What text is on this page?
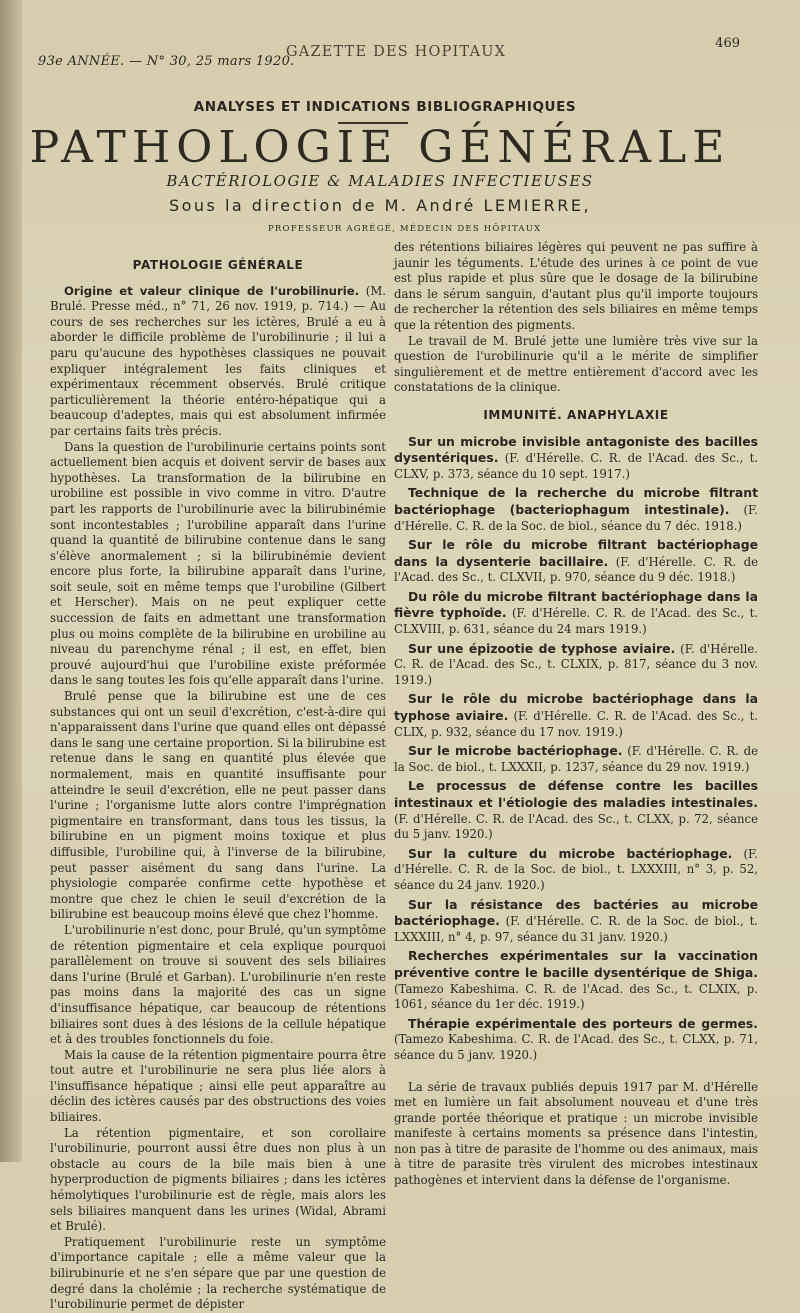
93e ANNÉE. — N° 30, 25 mars 1920.
GAZETTE DES HOPITAUX
469
ANALYSES ET INDICATIONS BIBLIOGRAPHIQUES
PATHOLOGIE GÉNÉRALE
BACTÉRIOLOGIE & MALADIES INFECTIEUSES
Sous la direction de M. André LEMIERRE,
PROFESSEUR AGRÉGÉ, MÉDECIN DES HÔPITAUX
PATHOLOGIE GÉNÉRALE

Origine et valeur clinique de l'urobilinurie. (M. Brulé. Presse méd., n° 71, 26 nov. 1919, p. 714.) — Au cours de ses recherches sur les ictères, Brulé a eu à aborder le difficile problème de l'urobilinurie ; il lui a paru qu'aucune des hypothèses classiques ne pouvait expliquer intégralement les faits cliniques et expérimentaux récemment observés. Brulé critique particulièrement la théorie entéro-hépatique qui a beaucoup d'adeptes, mais qui est absolument infirmée par certains faits très précis.

Dans la question de l'urobilinurie certains points sont actuellement bien acquis et doivent servir de bases aux hypothèses. La transformation de la bilirubine en urobiline est possible in vivo comme in vitro. D'autre part les rapports de l'urobilinurie avec la bilirubinémie sont incontestables ; l'urobiline apparaît dans l'urine quand la quantité de bilirubine contenue dans le sang s'élève anormalement ; si la bilirubinémie devient encore plus forte, la bilirubine apparaît dans l'urine, soit seule, soit en même temps que l'urobiline (Gilbert et Herscher). Mais on ne peut expliquer cette succession de faits en admettant une transformation plus ou moins complète de la bilirubine en urobiline au niveau du parenchyme rénal ; il est, en effet, bien prouvé aujourd'hui que l'urobiline existe préformée dans le sang toutes les fois qu'elle apparaît dans l'urine.

Brulé pense que la bilirubine est une de ces substances qui ont un seuil d'excrétion, c'est-à-dire qui n'apparaissent dans l'urine que quand elles ont dépassé dans le sang une certaine proportion. Si la bilirubine est retenue dans le sang en quantité plus élevée que normalement, mais en quantité insuffisante pour atteindre le seuil d'excrétion, elle ne peut passer dans l'urine ; l'organisme lutte alors contre l'imprégnation pigmentaire en transformant, dans tous les tissus, la bilirubine en un pigment moins toxique et plus diffusible, l'urobiline qui, à l'inverse de la bilirubine, peut passer aisément du sang dans l'urine. La physiologie comparée confirme cette hypothèse et montre que chez le chien le seuil d'excrétion de la bilirubine est beaucoup moins élevé que chez l'homme.

L'urobilinurie n'est donc, pour Brulé, qu'un symptôme de rétention pigmentaire et cela explique pourquoi parallèlement on trouve si souvent des sels biliaires dans l'urine (Brulé et Garban). L'urobilinurie n'en reste pas moins dans la majorité des cas un signe d'insuffisance hépatique, car beaucoup de rétentions biliaires sont dues à des lésions de la cellule hépatique et à des troubles fonctionnels du foie.

Mais la cause de la rétention pigmentaire pourra être tout autre et l'urobilinurie ne sera plus liée alors à l'insuffisance hépatique ; ainsi elle peut apparaître au déclin des ictères causés par des obstructions des voies biliaires.

La rétention pigmentaire, et son corollaire l'urobilinurie, pourront aussi être dues non plus à un obstacle au cours de la bile mais bien à une hyperproduction de pigments biliaires ; dans les ictères hémolytiques l'urobilinurie est de règle, mais alors les sels biliaires manquent dans les urines (Widal, Abrami et Brulé).

Pratiquement l'urobilinurie reste un symptôme d'importance capitale ; elle a même valeur que la bilirubinurie et ne s'en sépare que par une question de degré dans la cholémie ; la recherche systématique de l'urobilinurie permet de dépister

des rétentions biliaires légères qui peuvent ne pas suffire à jaunir les téguments. L'étude des urines à ce point de vue est plus rapide et plus sûre que le dosage de la bilirubine dans le sérum sanguin, d'autant plus qu'il importe toujours de rechercher la rétention des sels biliaires en même temps que la rétention des pigments.

Le travail de M. Brulé jette une lumière très vive sur la question de l'urobilinurie qu'il a le mérite de simplifier singulièrement et de mettre entièrement d'accord avec les constatations de la clinique.

IMMUNITÉ. ANAPHYLAXIE
Sur un microbe invisible antagoniste des bacilles dysentériques. (F. d'Hérelle. C. R. de l'Acad. des Sc., t. CLXV, p. 373, séance du 10 sept. 1917.)
Technique de la recherche du microbe filtrant bactériophage (bacteriophagum intestinale). (F. d'Hérelle. C. R. de la Soc. de biol., séance du 7 déc. 1918.)
Sur le rôle du microbe filtrant bactériophage dans la dysenterie bacillaire. (F. d'Hérelle. C. R. de l'Acad. des Sc., t. CLXVII, p. 970, séance du 9 déc. 1918.)
Du rôle du microbe filtrant bactériophage dans la fièvre typhoïde. (F. d'Hérelle. C. R. de l'Acad. des Sc., t. CLXVIII, p. 631, séance du 24 mars 1919.)
Sur une épizootie de typhose aviaire. (F. d'Hérelle. C. R. de l'Acad. des Sc., t. CLXIX, p. 817, séance du 3 nov. 1919.)
Sur le rôle du microbe bactériophage dans la typhose aviaire. (F. d'Hérelle. C. R. de l'Acad. des Sc., t. CLIX, p. 932, séance du 17 nov. 1919.)
Sur le microbe bactériophage. (F. d'Hérelle. C. R. de la Soc. de biol., t. LXXXII, p. 1237, séance du 29 nov. 1919.)
Le processus de défense contre les bacilles intestinaux et l'étiologie des maladies intestinales. (F. d'Hérelle. C. R. de l'Acad. des Sc., t. CLXX, p. 72, séance du 5 janv. 1920.)
Sur la culture du microbe bactériophage. (F. d'Hérelle. C. R. de la Soc. de biol., t. LXXXIII, n° 3, p. 52, séance du 24 janv. 1920.)
Sur la résistance des bactéries au microbe bactériophage. (F. d'Hérelle. C. R. de la Soc. de biol., t. LXXXIII, n° 4, p. 97, séance du 31 janv. 1920.)
Recherches expérimentales sur la vaccination préventive contre le bacille dysentérique de Shiga. (Tamezo Kabeshima. C. R. de l'Acad. des Sc., t. CLXIX, p. 1061, séance du 1er déc. 1919.)
Thérapie expérimentale des porteurs de germes. (Tamezo Kabeshima. C. R. de l'Acad. des Sc., t. CLXX, p. 71, séance du 5 janv. 1920.)

La série de travaux publiés depuis 1917 par M. d'Hérelle met en lumière un fait absolument nouveau et d'une très grande portée théorique et pratique : un microbe invisible manifeste à certains moments sa présence dans l'intestin, non pas à titre de parasite de l'homme ou des animaux, mais à titre de parasite très virulent des microbes intestinaux pathogènes et intervient dans la défense de l'organisme.
